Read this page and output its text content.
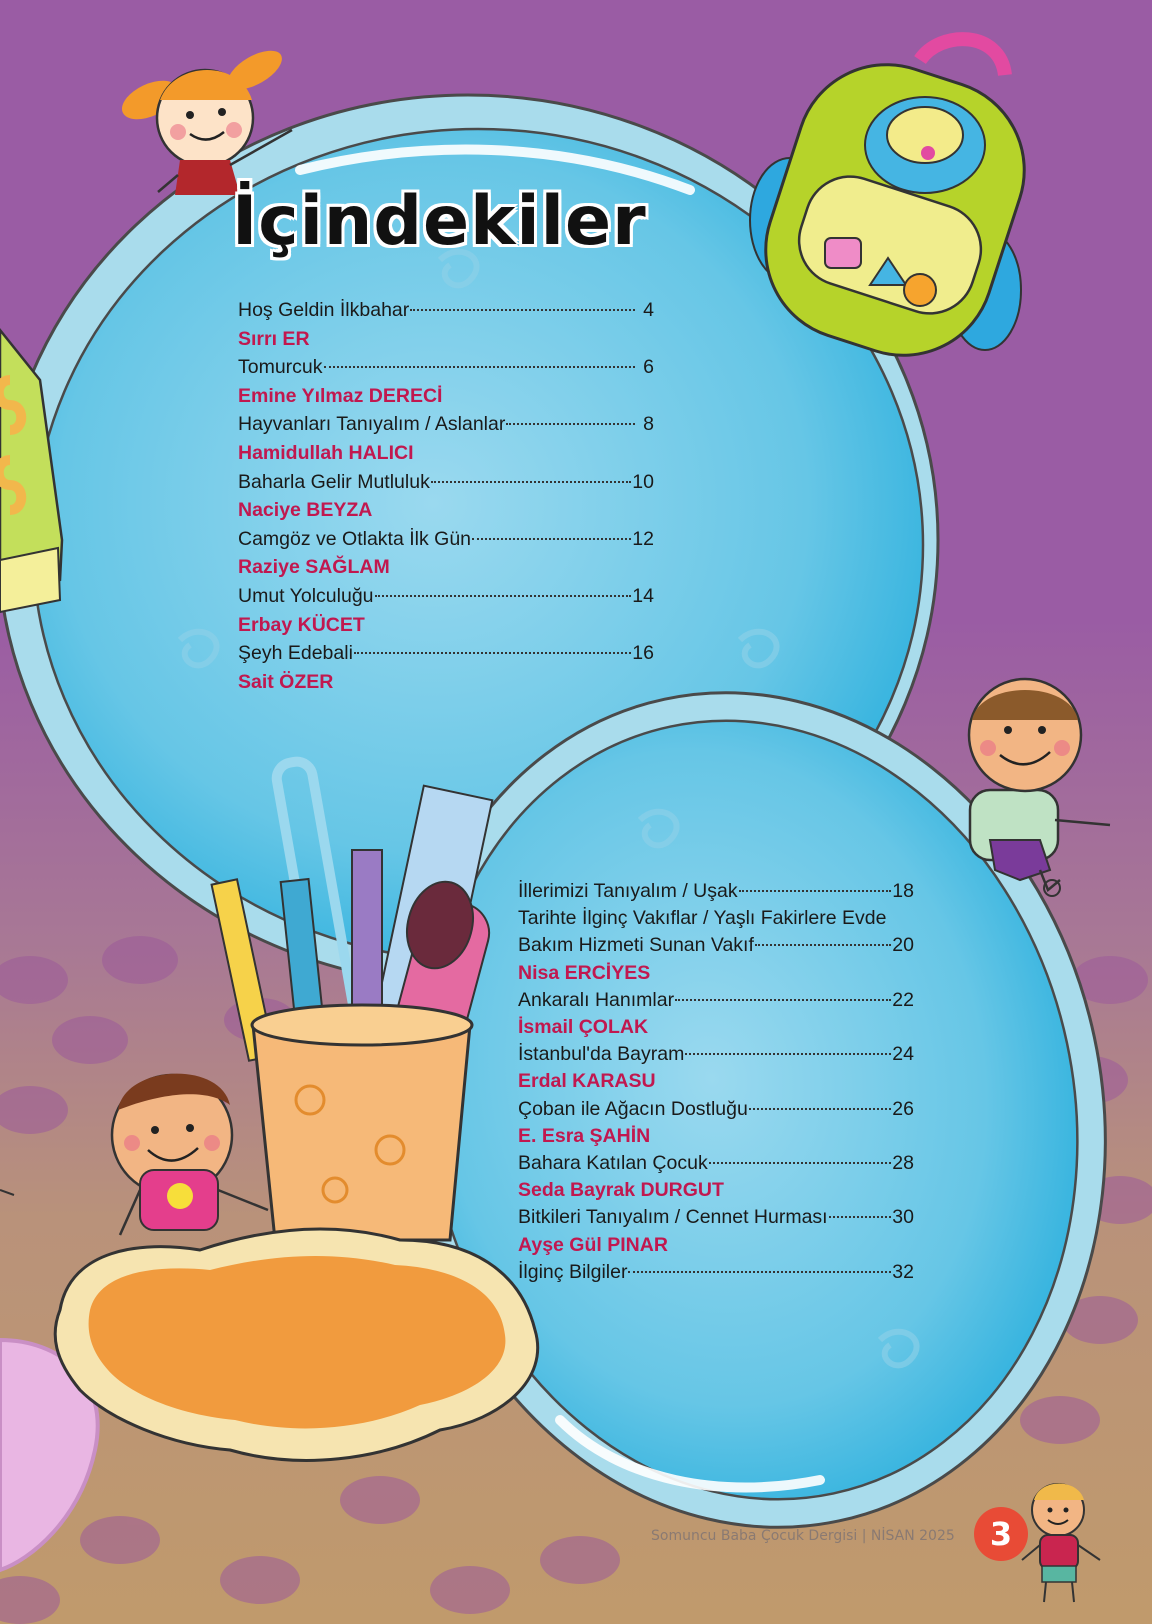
İçindekiler
Hoş Geldin İlkbahar	4
Sırrı ER
Tomurcuk	6
Emine Yılmaz DERECİ
Hayvanları Tanıyalım / Aslanlar	8
Hamidullah HALICI
Baharla Gelir Mutluluk	10
Naciye BEYZA
Camgöz ve Otlakta İlk Gün	12
Raziye SAĞLAM
Umut Yolculuğu	14
Erbay KÜCET
Şeyh Edebali	16
Sait ÖZER
İllerimizi Tanıyalım / Uşak	18
Tarihte İlginç Vakıflar / Yaşlı Fakirlere Evde
Bakım Hizmeti Sunan Vakıf	20
Nisa ERCİYES
Ankaralı Hanımlar	22
İsmail ÇOLAK
İstanbul'da Bayram	24
Erdal KARASU
Çoban ile Ağacın Dostluğu	26
E. Esra ŞAHİN
Bahara Katılan Çocuk	28
Seda Bayrak DURGUT
Bitkileri Tanıyalım / Cennet Hurması	30
Ayşe Gül PINAR
İlginç Bilgiler	32
Somuncu Baba Çocuk Dergisi | NİSAN 2025	3
